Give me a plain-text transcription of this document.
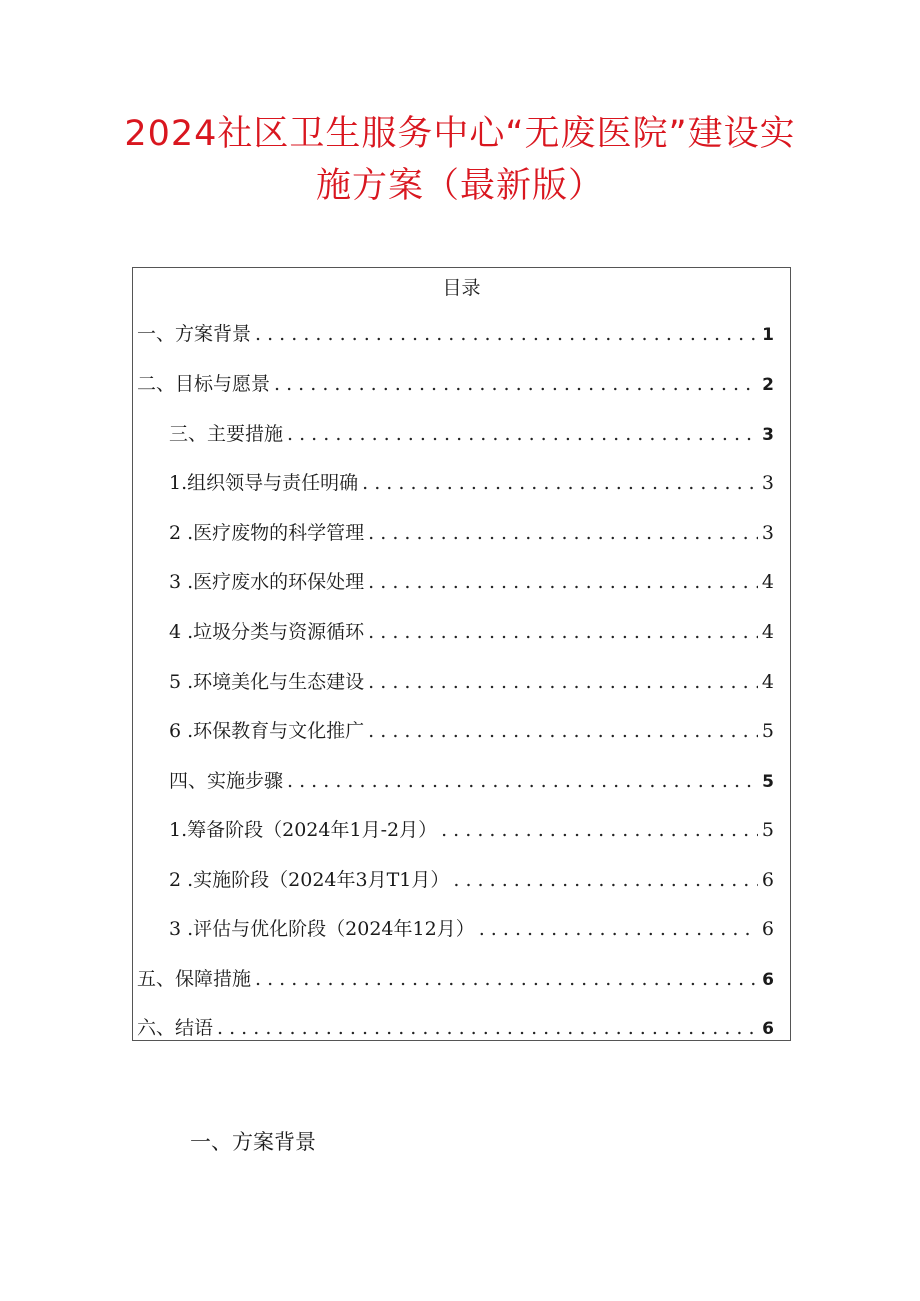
2024社区卫生服务中心“无废医院”建设实
施方案（最新版）
目录
一、方案背景 . . .	1
二、目标与愿景 . . .	2
三、主要措施 . . .	3
1.组织领导与责任明确 . . .	3
2 .医疗废物的科学管理 . . .	3
3 .医疗废水的环保处理 . . .	4
4 .垃圾分类与资源循环 . . .	4
5 .环境美化与生态建设 . . .	4
6 .环保教育与文化推广 . . .	5
四、实施步骤 . . .	5
1.筹备阶段（2024年1月-2月） . . .	5
2 .实施阶段（2024年3月T1月） . . .	6
3 .评估与优化阶段（2024年12月） . . .	6
五、保障措施 . . .	6
六、结语 . . .	6
一、方案背景
